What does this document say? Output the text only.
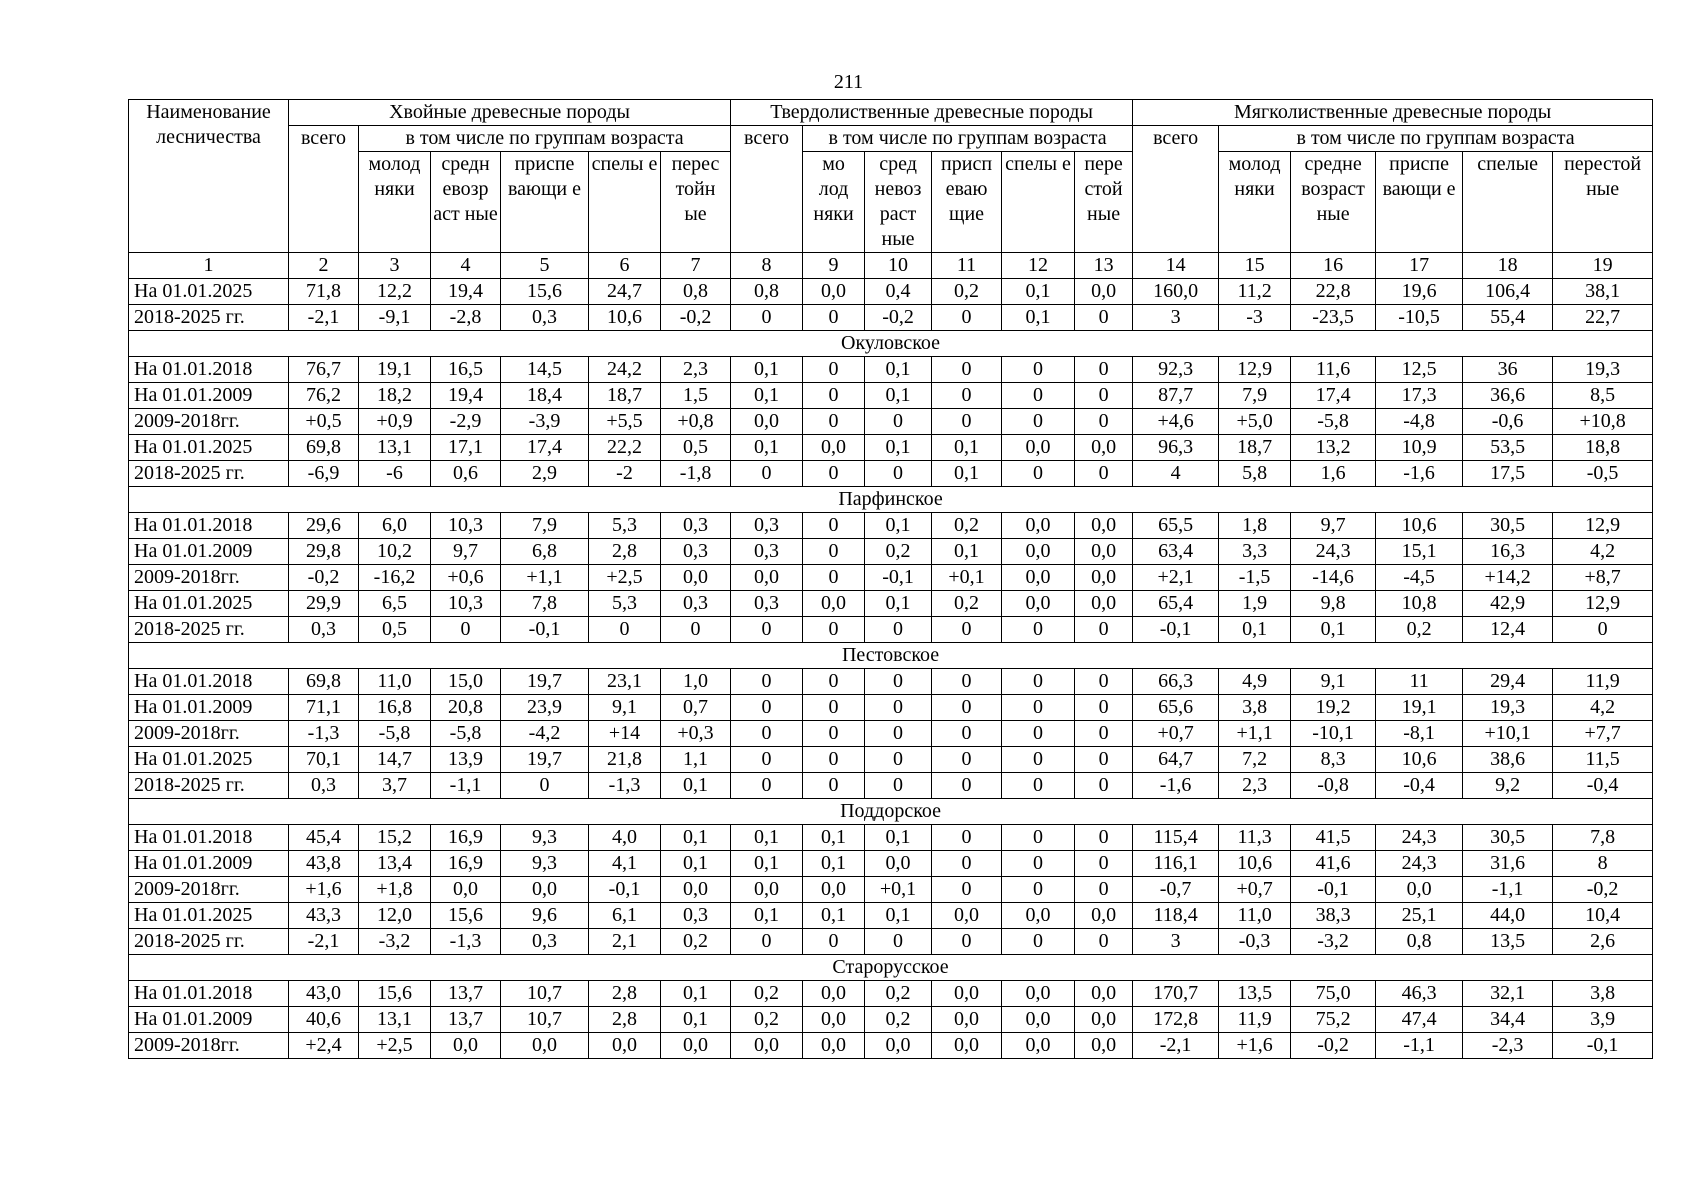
211
Наименование лесничества	Хвойные древесные породы						Твердолиственные древесные породы						Мягколиственные древесные породы					
	всего	в том числе по группам возраста					всего	в том числе по группам возраста					всего	в том числе по группам возраста				
		молод няки	средн евозр аст ные	приспе вающи е	спелы е	перес тойн ые		мо лод няки	сред невоз раст ные	присп еваю щие	спелы е	пере стой ные		молод няки	средне возраст ные	приспе вающи е	спелые	перестой ные
1	2	3	4	5	6	7	8	9	10	11	12	13	14	15	16	17	18	19
На 01.01.2025	71,8	12,2	19,4	15,6	24,7	0,8	0,8	0,0	0,4	0,2	0,1	0,0	160,0	11,2	22,8	19,6	106,4	38,1
2018-2025 гг.	-2,1	-9,1	-2,8	0,3	10,6	-0,2	0	0	-0,2	0	0,1	0	3	-3	-23,5	-10,5	55,4	22,7
Окуловское																		
На 01.01.2018	76,7	19,1	16,5	14,5	24,2	2,3	0,1	0	0,1	0	0	0	92,3	12,9	11,6	12,5	36	19,3
На 01.01.2009	76,2	18,2	19,4	18,4	18,7	1,5	0,1	0	0,1	0	0	0	87,7	7,9	17,4	17,3	36,6	8,5
2009-2018гг.	+0,5	+0,9	-2,9	-3,9	+5,5	+0,8	0,0	0	0	0	0	0	+4,6	+5,0	-5,8	-4,8	-0,6	+10,8
На 01.01.2025	69,8	13,1	17,1	17,4	22,2	0,5	0,1	0,0	0,1	0,1	0,0	0,0	96,3	18,7	13,2	10,9	53,5	18,8
2018-2025 гг.	-6,9	-6	0,6	2,9	-2	-1,8	0	0	0	0,1	0	0	4	5,8	1,6	-1,6	17,5	-0,5
Парфинское																		
На 01.01.2018	29,6	6,0	10,3	7,9	5,3	0,3	0,3	0	0,1	0,2	0,0	0,0	65,5	1,8	9,7	10,6	30,5	12,9
На 01.01.2009	29,8	10,2	9,7	6,8	2,8	0,3	0,3	0	0,2	0,1	0,0	0,0	63,4	3,3	24,3	15,1	16,3	4,2
2009-2018гг.	-0,2	-16,2	+0,6	+1,1	+2,5	0,0	0,0	0	-0,1	+0,1	0,0	0,0	+2,1	-1,5	-14,6	-4,5	+14,2	+8,7
На 01.01.2025	29,9	6,5	10,3	7,8	5,3	0,3	0,3	0,0	0,1	0,2	0,0	0,0	65,4	1,9	9,8	10,8	42,9	12,9
2018-2025 гг.	0,3	0,5	0	-0,1	0	0	0	0	0	0	0	0	-0,1	0,1	0,1	0,2	12,4	0
Пестовское																		
На 01.01.2018	69,8	11,0	15,0	19,7	23,1	1,0	0	0	0	0	0	0	66,3	4,9	9,1	11	29,4	11,9
На 01.01.2009	71,1	16,8	20,8	23,9	9,1	0,7	0	0	0	0	0	0	65,6	3,8	19,2	19,1	19,3	4,2
2009-2018гг.	-1,3	-5,8	-5,8	-4,2	+14	+0,3	0	0	0	0	0	0	+0,7	+1,1	-10,1	-8,1	+10,1	+7,7
На 01.01.2025	70,1	14,7	13,9	19,7	21,8	1,1	0	0	0	0	0	0	64,7	7,2	8,3	10,6	38,6	11,5
2018-2025 гг.	0,3	3,7	-1,1	0	-1,3	0,1	0	0	0	0	0	0	-1,6	2,3	-0,8	-0,4	9,2	-0,4
Поддорское																		
На 01.01.2018	45,4	15,2	16,9	9,3	4,0	0,1	0,1	0,1	0,1	0	0	0	115,4	11,3	41,5	24,3	30,5	7,8
На 01.01.2009	43,8	13,4	16,9	9,3	4,1	0,1	0,1	0,1	0,0	0	0	0	116,1	10,6	41,6	24,3	31,6	8
2009-2018гг.	+1,6	+1,8	0,0	0,0	-0,1	0,0	0,0	0,0	+0,1	0	0	0	-0,7	+0,7	-0,1	0,0	-1,1	-0,2
На 01.01.2025	43,3	12,0	15,6	9,6	6,1	0,3	0,1	0,1	0,1	0,0	0,0	0,0	118,4	11,0	38,3	25,1	44,0	10,4
2018-2025 гг.	-2,1	-3,2	-1,3	0,3	2,1	0,2	0	0	0	0	0	0	3	-0,3	-3,2	0,8	13,5	2,6
Старорусское																		
На 01.01.2018	43,0	15,6	13,7	10,7	2,8	0,1	0,2	0,0	0,2	0,0	0,0	0,0	170,7	13,5	75,0	46,3	32,1	3,8
На 01.01.2009	40,6	13,1	13,7	10,7	2,8	0,1	0,2	0,0	0,2	0,0	0,0	0,0	172,8	11,9	75,2	47,4	34,4	3,9
2009-2018гг.	+2,4	+2,5	0,0	0,0	0,0	0,0	0,0	0,0	0,0	0,0	0,0	0,0	-2,1	+1,6	-0,2	-1,1	-2,3	-0,1
